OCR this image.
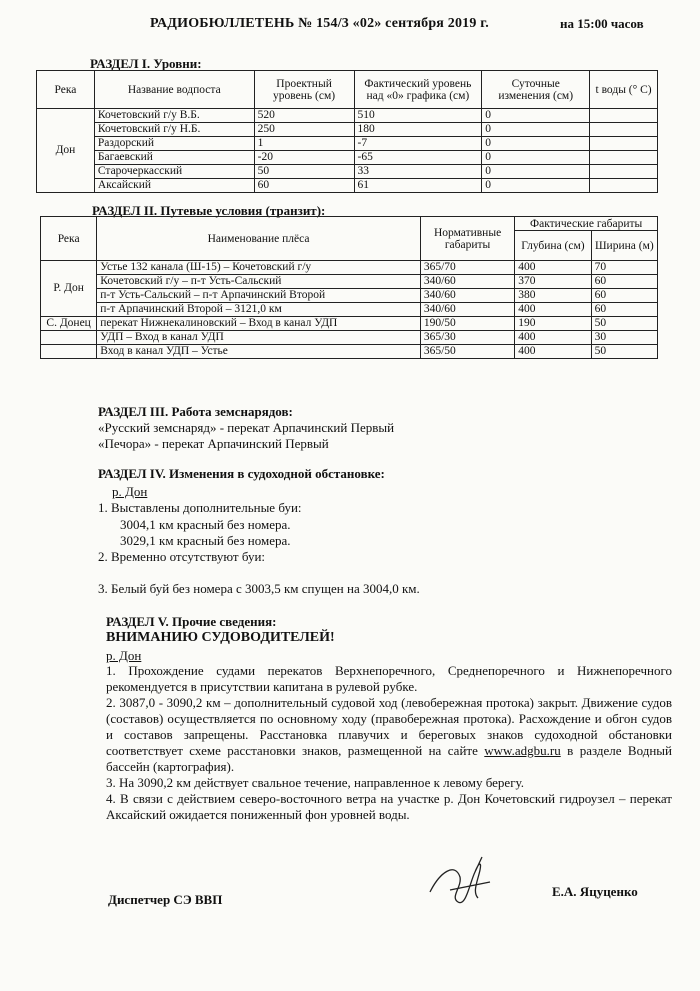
РАДИОБЮЛЛЕТЕНЬ № 154/3 «02» сентября 2019 г.	на 15:00 часов
РАЗДЕЛ I. Уровни:
Река	Название водпоста	Проектный уровень (см)	Фактический уровень над «0» графика (см)	Суточные изменения (см)	t воды (° С)
Дон	Кочетовский г/у В.Б.	520	510	0	
	Кочетовский г/у Н.Б.	250	180	0	
	Раздорский	1	-7	0	
	Багаевский	-20	-65	0	
	Старочеркасский	50	33	0	
	Аксайский	60	61	0	
РАЗДЕЛ II. Путевые условия (транзит):
Река	Наименование плёса	Нормативные габариты	Фактические габариты	
			Глубина (см)	Ширина (м)
Р. Дон	Устье 132 канала (Ш-15) – Кочетовский г/у	365/70	400	70
	Кочетовский г/у – п-т Усть-Сальский	340/60	370	60
	п-т Усть-Сальский – п-т Арпачинский Второй	340/60	380	60
	п-т Арпачинский Второй – 3121,0 км	340/60	400	60
С. Донец	перекат Нижнекалиновский – Вход в канал УДП	190/50	190	50
	УДП – Вход в канал УДП	365/30	400	30
	Вход в канал УДП – Устье	365/50	400	50
РАЗДЕЛ III. Работа земснарядов:
«Русский земснаряд» - перекат Арпачинский Первый
«Печора» - перекат Арпачинский Первый
РАЗДЕЛ IV. Изменения в судоходной обстановке:
р. Дон
1. Выставлены дополнительные буи:
3004,1 км красный без номера.
3029,1 км красный без номера.
2. Временно отсутствуют буи:
3. Белый буй без номера с 3003,5 км спущен на 3004,0 км.
РАЗДЕЛ V. Прочие сведения:
ВНИМАНИЮ СУДОВОДИТЕЛЕЙ!
р. Дон

1. Прохождение судами перекатов Верхнепоречного, Среднепоречного и Нижнепоречного рекомендуется в присутствии капитана в рулевой рубке.

2. 3087,0 - 3090,2 км – дополнительный судовой ход (левобережная протока) закрыт. Движение судов (составов) осуществляется по основному ходу (правобережная протока). Расхождение и обгон судов и составов запрещены. Расстановка плавучих и береговых знаков судоходной обстановки соответствует схеме расстановки знаков, размещенной на сайте www.adgbu.ru в разделе Водный бассейн (картография).

3. На 3090,2 км действует свальное течение, направленное к левому берегу.

4. В связи с действием северо-восточного ветра на участке р. Дон Кочетовский гидроузел – перекат Аксайский ожидается пониженный фон уровней воды.

Диспетчер СЭ ВВП
Е.А. Яцуценко
